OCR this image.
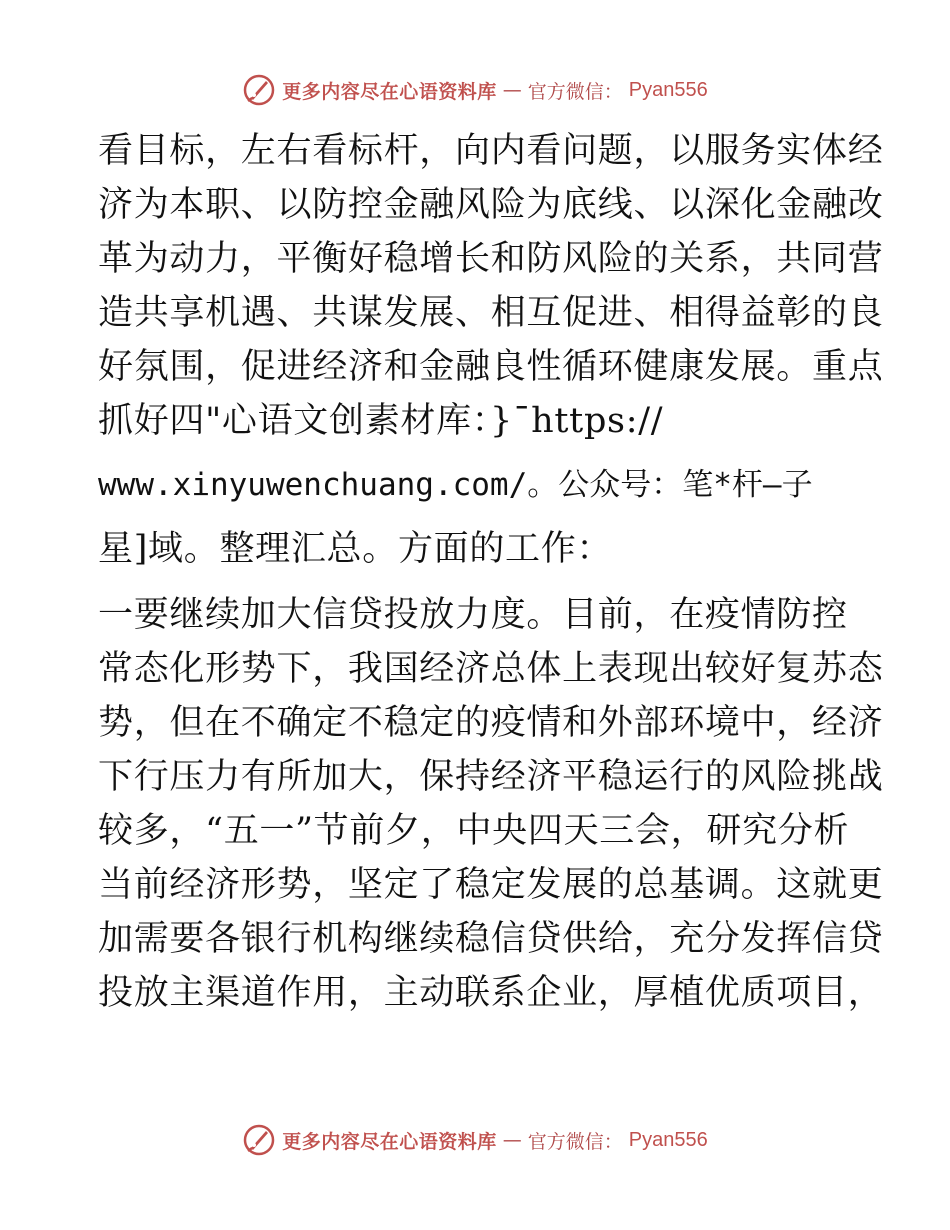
更多内容尽在心语资料库 — 官方微信： Pyan556
看目标，左右看标杆，向内看问题，以服务实体经
济为本职、以防控金融风险为底线、以深化金融改
革为动力，平衡好稳增长和防风险的关系，共同营
造共享机遇、共谋发展、相互促进、相得益彰的良
好氛围，促进经济和金融良性循环健康发展。重点
抓好四"心语文创素材库：}¯https://
www.xinyuwenchuang.com/。公众号：笔*杆—子
星]域。整理汇总。方面的工作：
一要继续加大信贷投放力度。目前，在疫情防控
常态化形势下，我国经济总体上表现出较好复苏态
势，但在不确定不稳定的疫情和外部环境中，经济
下行压力有所加大，保持经济平稳运行的风险挑战
较多，“五一”节前夕，中央四天三会，研究分析
当前经济形势，坚定了稳定发展的总基调。这就更
加需要各银行机构继续稳信贷供给，充分发挥信贷
投放主渠道作用，主动联系企业，厚植优质项目，
更多内容尽在心语资料库 — 官方微信： Pyan556
